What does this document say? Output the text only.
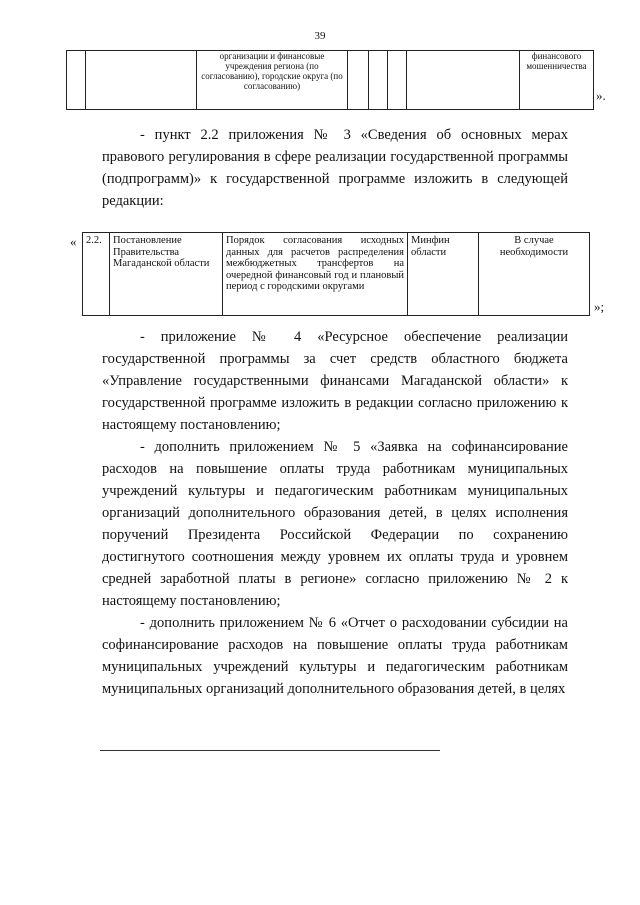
39
		организации и финансовые учреждения региона (по согласованию), городские округа (по согласованию)					финансового мошенничества
».

- пункт 2.2 приложения № 3 «Сведения об основных мерах правового регулирования в сфере реализации государственной программы (подпрограмм)» к государственной программе изложить в следующей редакции:

« 2.2.	Постановление Правительства Магаданской области	Порядок согласования исходных данных для расчетов распределения межбюджетных трансфертов на очередной финансовый год и плановый период с городскими округами	Минфин области	В случае необходимости
»;

- приложение № 4 «Ресурсное обеспечение реализации государственной программы за счет средств областного бюджета «Управление государственными финансами Магаданской области» к государственной программе изложить в редакции согласно приложению к настоящему постановлению;

- дополнить приложением № 5 «Заявка на софинансирование расходов на повышение оплаты труда работникам муниципальных учреждений культуры и педагогическим работникам муниципальных организаций дополнительного образования детей, в целях исполнения поручений Президента Российской Федерации по сохранению достигнутого соотношения между уровнем их оплаты труда и уровнем средней заработной платы в регионе» согласно приложению № 2 к настоящему постановлению;

- дополнить приложением № 6 «Отчет о расходовании субсидии на софинансирование расходов на повышение оплаты труда работникам муниципальных учреждений культуры и педагогическим работникам муниципальных организаций дополнительного образования детей, в целях
